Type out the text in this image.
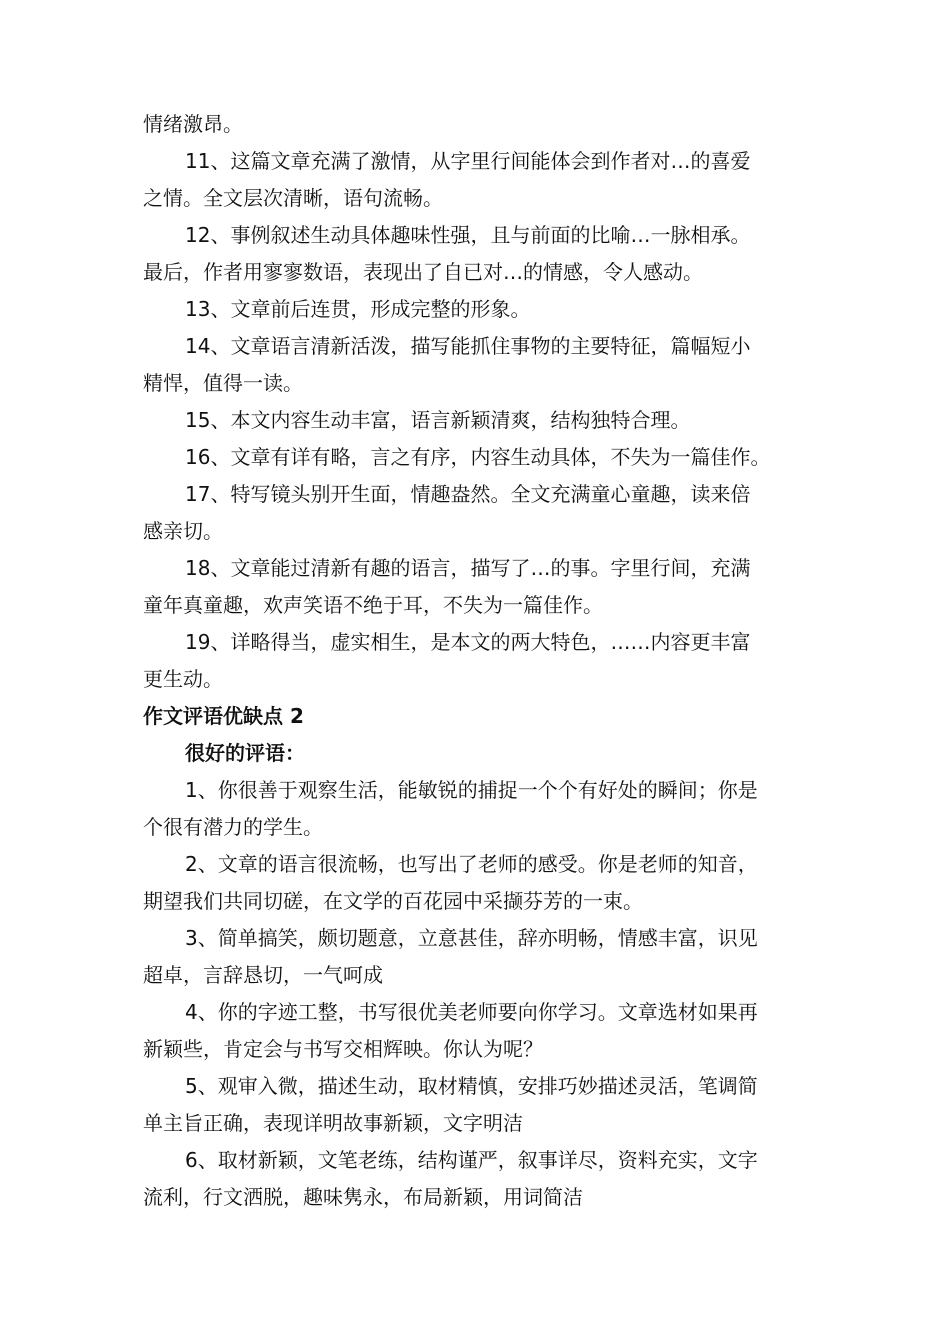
情绪激昂。
11、这篇文章充满了激情，从字里行间能体会到作者对…的喜爱
之情。全文层次清晰，语句流畅。
12、事例叙述生动具体趣味性强，且与前面的比喻…一脉相承。
最后，作者用寥寥数语，表现出了自已对…的情感，令人感动。
13、文章前后连贯，形成完整的形象。
14、文章语言清新活泼，描写能抓住事物的主要特征，篇幅短小
精悍，值得一读。
15、本文内容生动丰富，语言新颖清爽，结构独特合理。
16、文章有详有略，言之有序，内容生动具体，不失为一篇佳作。
17、特写镜头别开生面，情趣盎然。全文充满童心童趣，读来倍
感亲切。
18、文章能过清新有趣的语言，描写了…的事。字里行间，充满
童年真童趣，欢声笑语不绝于耳，不失为一篇佳作。
19、详略得当，虚实相生，是本文的两大特色，……内容更丰富
更生动。
作文评语优缺点 2
很好的评语：
1、你很善于观察生活，能敏锐的捕捉一个个有好处的瞬间；你是
个很有潜力的学生。
2、文章的语言很流畅，也写出了老师的感受。你是老师的知音，
期望我们共同切磋，在文学的百花园中采撷芬芳的一束。
3、简单搞笑，颇切题意，立意甚佳，辞亦明畅，情感丰富，识见
超卓，言辞恳切，一气呵成
4、你的字迹工整，书写很优美老师要向你学习。文章选材如果再
新颖些，肯定会与书写交相辉映。你认为呢？
5、观审入微，描述生动，取材精慎，安排巧妙描述灵活，笔调简
单主旨正确，表现详明故事新颖，文字明洁
6、取材新颖，文笔老练，结构谨严，叙事详尽，资料充实，文字
流利，行文洒脱，趣味隽永，布局新颖，用词简洁
